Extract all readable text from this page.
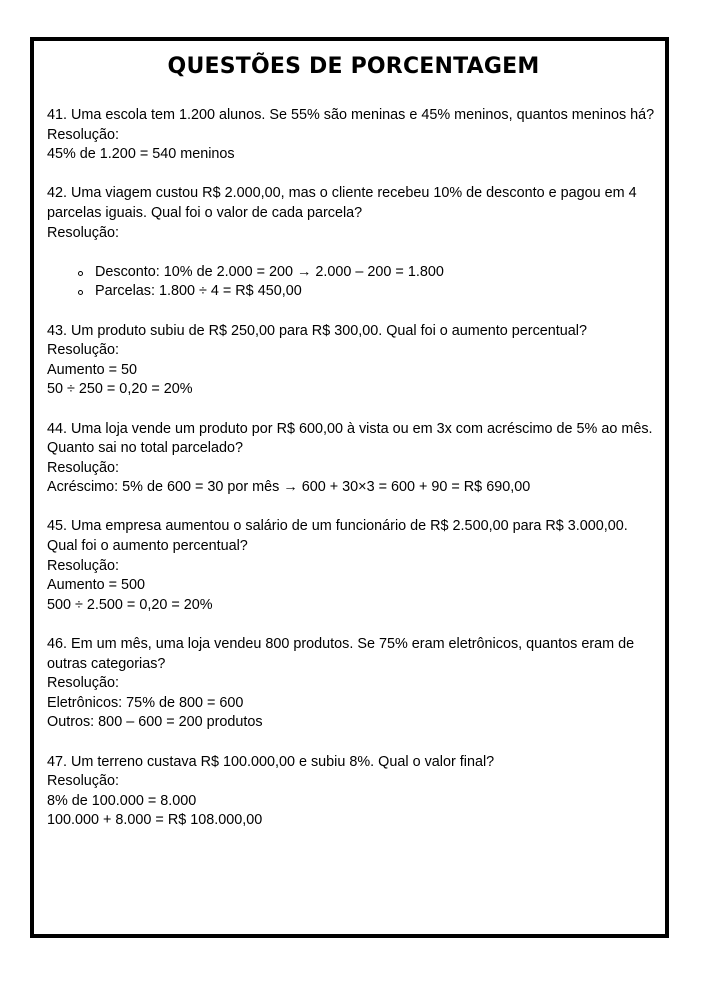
QUESTÕES DE PORCENTAGEM
41. Uma escola tem 1.200 alunos. Se 55% são meninas e 45% meninos, quantos meninos há?
Resolução:
45% de 1.200 = 540 meninos
42. Uma viagem custou R$ 2.000,00, mas o cliente recebeu 10% de desconto e pagou em 4
parcelas iguais. Qual foi o valor de cada parcela?
Resolução:
Desconto: 10% de 2.000 = 200 → 2.000 – 200 = 1.800
Parcelas: 1.800 ÷ 4 = R$ 450,00
43. Um produto subiu de R$ 250,00 para R$ 300,00. Qual foi o aumento percentual?
Resolução:
Aumento = 50
50 ÷ 250 = 0,20 = 20%
44. Uma loja vende um produto por R$ 600,00 à vista ou em 3x com acréscimo de 5% ao mês.
Quanto sai no total parcelado?
Resolução:
Acréscimo: 5% de 600 = 30 por mês → 600 + 30×3 = 600 + 90 = R$ 690,00
45. Uma empresa aumentou o salário de um funcionário de R$ 2.500,00 para R$ 3.000,00.
Qual foi o aumento percentual?
Resolução:
Aumento = 500
500 ÷ 2.500 = 0,20 = 20%
46. Em um mês, uma loja vendeu 800 produtos. Se 75% eram eletrônicos, quantos eram de
outras categorias?
Resolução:
Eletrônicos: 75% de 800 = 600
Outros: 800 – 600 = 200 produtos
47. Um terreno custava R$ 100.000,00 e subiu 8%. Qual o valor final?
Resolução:
8% de 100.000 = 8.000
100.000 + 8.000 = R$ 108.000,00
